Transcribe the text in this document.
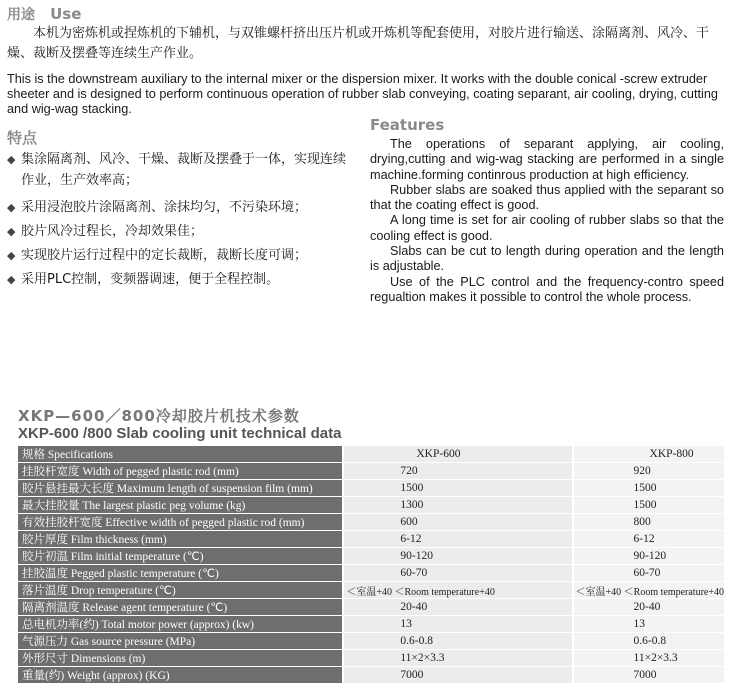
用途 Use
本机为密炼机或捏炼机的下辅机，与双锥螺杆挤出压片机或开炼机等配套使用，对胶片进行输送、涂隔离剂、风冷、干燥、裁断及摆叠等连续生产作业。
This is the downstream auxiliary to the internal mixer or the dispersion mixer. It works with the double conical -screw extruder sheeter and is designed to perform continuous operation of rubber slab conveying, coating separant, air cooling, drying, cutting and wig-wag stacking.
特点
◆ 集涂隔离剂、风冷、干燥、裁断及摆叠于一体，实现连续作业，生产效率高；
◆ 采用浸泡胶片涂隔离剂、涂抹均匀，不污染环境；
◆ 胶片风冷过程长，冷却效果佳；
◆ 实现胶片运行过程中的定长裁断，裁断长度可调；
◆ 采用PLC控制，变频器调速，便于全程控制。
Features

The operations of separant applying, air cooling, drying,cutting and wig-wag stacking are performed in a single machine.forming continrous production at high efficiency.

Rubber slabs are soaked thus applied with the separant so that the coating effect is good.

A long time is set for air cooling of rubber slabs so that the cooling effect is good.

Slabs can be cut to length during operation and the length is adjustable.

Use of the PLC control and the frequency-contro speed regualtion makes it possible to control the whole process.

XKP—600／800冷却胶片机技术参数
XKP-600 /800 Slab cooling unit technical data
规格 Specifications	XKP-600	XKP-800
挂胶杆宽度 Width of pegged plastic rod (mm)	720	920
胶片悬挂最大长度 Maximum length of suspension film (mm)	1500	1500
最大挂胶量 The largest plastic peg volume (kg)	1300	1500
有效挂胶杆宽度 Effective width of pegged plastic rod (mm)	600	800
胶片厚度 Film thickness (mm)	6-12	6-12
胶片初温 Film initial temperature (℃)	90-120	90-120
挂胶温度 Pegged plastic temperature (℃)	60-70	60-70
落片温度 Drop temperature (℃)	＜室温+40 ＜Room temperature+40	＜室温+40 ＜Room temperature+40
隔离剂温度 Release agent temperature (℃)	20-40	20-40
总电机功率(约) Total motor power (approx) (kw)	13	13
气源压力 Gas source pressure (MPa)	0.6-0.8	0.6-0.8
外形尺寸 Dimensions (m)	11×2×3.3	11×2×3.3
重量(约) Weight (approx) (KG)	7000	7000
